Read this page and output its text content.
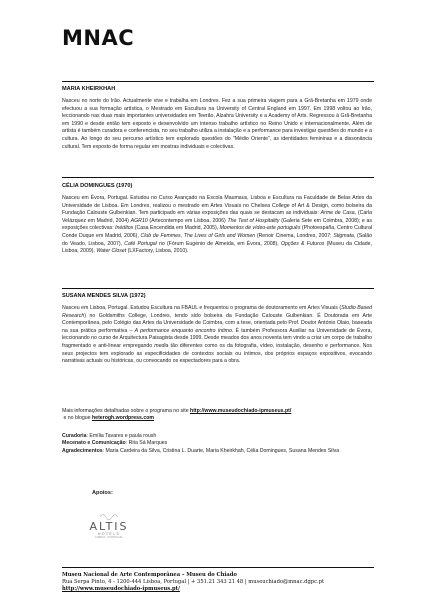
MNAC
MARIA KHEIRKHAH

Nasceu no norte do Irão. Actualmente vive e trabalha em Londres. Fez a sua primeira viagem para a Grã-Bretanha em 1979 onde efectuou a sua formação artística, o Mestrado em Escultura na University of Central England em 1997. Em 1998 voltou ao Irão, leccionando nas duas mais importantes universidades em Teerão, Alzahra University e a Academy of Arts. Regressou à Grã-Bretanha em 1990 e desde então tem exposto e desenvolvido um intenso trabalho artístico no Reino Unido e internacionalmente. Além de artista é também curadora e conferencista, no seu trabalho utiliza a instalação e a performance para investigar questões do mundo e a cultura. Ao longo do seu percurso artístico tem explorado questões do "Médio Oriente", as identidades femininas e a dissonância cultural. Tem exposto de forma regular em mostras individuais e colectivas.

CÉLIA DOMINGUES (1970)

Nasceu em Évora, Portugal. Estudou no Curso Avançado na Escola Maumaus, Lisboa e Escultura na Faculdade de Belas Artes da Universidade de Lisboa. Em Londres, realizou o mestrado em Artes Visuais no Chelsea College of Art & Design, como bolseira da Fundação Calouste Gulbenkian. Tem participado em várias exposições das quais se destacam as individuais: Arme de Casa, (Carla Velázquez em Madrid, 2004) AGR10 (Artecontempo em Lisboa, 2006) The Text of Hospitality (Galeria Sete em Coimbra, 2008); e as exposições colectivas: Inéditos (Casa Encendida em Madrid, 2005), Momentos de vídeo-arte português (Photoespaña, Centro Cultural Conde Duque em Madrid, 2006), Club de Femmes, The Lives of Girls and Women (Renoir Cinema, Londres, 2007; Stigmata, (Salão do Veado, Lisboa, 2007), Café Portugal no (Fórum Eugénio de Almeida, em Évora, 2008), Opções & Futuros (Museu da Cidade, Lisboa, 2009), Water Closet (LXFactory, Lisboa, 2010).

SUSANA MENDES SILVA (1972)

Nasceu em Lisboa, Portugal. Estudou Escultura na FBAUL e frequentou o programa de doutoramento em Artes Visuais (Studio Based Research) no Goldsmiths College, Londres, tendo sido bolseira da Fundação Calouste Gulbenkian. É Doutorada em Arte Contemporânea, pelo Colégio das Artes da Universidade de Coimbra, com a tese, orientada pelo Prof. Doutor António Olaio, baseada na sua prática performativa – A performance enquanto encontro íntimo. É também Professora Auxiliar na Universidade de Évora, leccionando no curso de Arquitectura Paisagista desde 1999. Desde meados dos anos noventa tem vindo a criar um corpo de trabalho fragmentado e anti-linear empregando media tão diferentes como os da fotografia, vídeo, instalação, desenho e performance. Nos seus projectos tem explorado as especificidades de contextos sociais ou íntimos, dos próprios espaços expositivos, evocando narrativas actuais ou históricas, ou convocando os espectadores para a obra.

Mais informações detalhadas sobre o programa no site http://www.museudochiado-ipmuseus.pt/
e no blogue heterogh.wordpress.com
Curadoria: Emília Tavares e paula roush
Mecenato e Comunicação: Rita Sá Marques
Agradecimentos: Maria Cardeira da Silva, Cristina L. Duarte, Maria Kheirkhah, Célia Domingues, Susana Mendes Silva
Apoios:
◠◡◠
ALTIS
HOTELS
LISBOA · PORTUGAL
Museu Nacional de Arte Contemporânea – Museu do Chiado
Rua Serpa Pinto, 4 - 1200-444 Lisboa, Portugal | + 351.21 343 21 48 | museuchiado@mnac.dgpc.pt
http://www.museudochiado-ipmuseus.pt/
